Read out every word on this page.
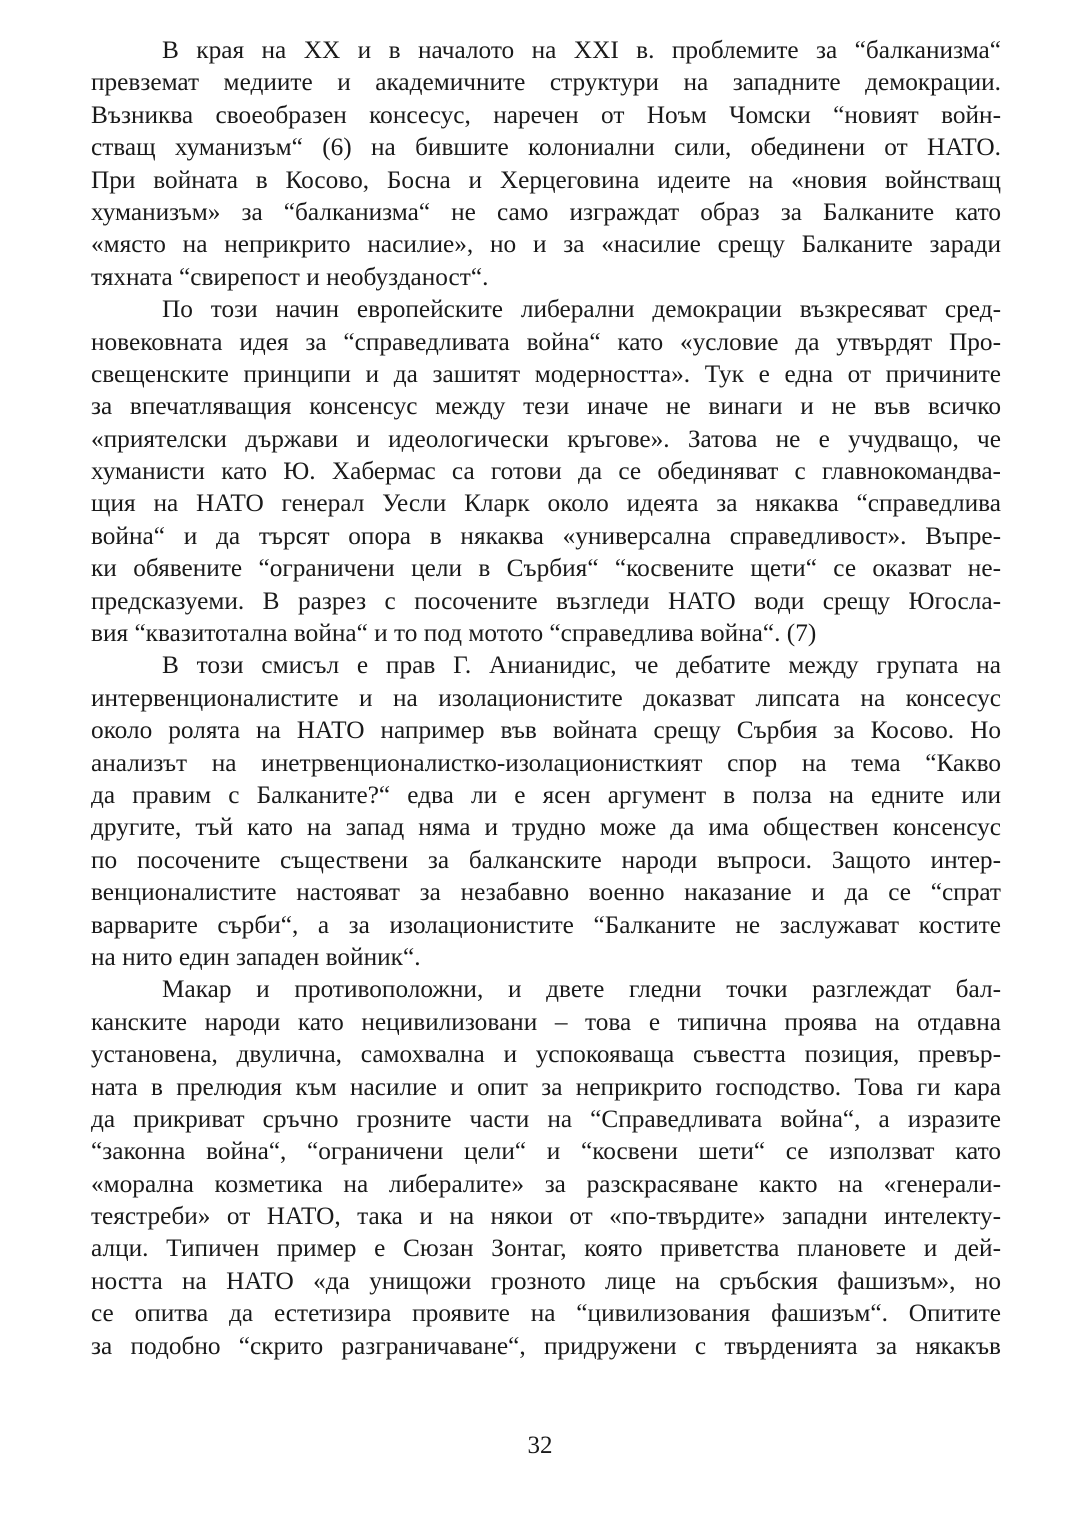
В края на ХХ и в началото на ХХІ в. проблемите за “балканизма“
превземат медиите и академичните структури на западните демокрации.
Възниква своеобразен консесус, наречен от Ноъм Чомски “новият войн-
стващ хуманизъм“ (6) на бившите колониални сили, обединени от НАТО.
При войната в Косово, Босна и Херцеговина идеите на «новия войнстващ
хуманизъм» за “балканизма“ не само изграждат образ за Балканите като
«място на неприкрито насилие», но и за «насилие срещу Балканите заради
тяхната “свирепост и необузданост“.
По този начин европейските либерални демокрации възкресяват сред-
новековната идея за “справедливата война“ като «условие да утвърдят Про-
свещенските принципи и да зашитят модерността». Тук е една от причините
за впечатляващия консенсус между тези иначе не винаги и не във всичко
«приятелски държави и идеологически кръгове». Затова не е учудващо, че
хуманисти като Ю. Хабермас са готови да се обединяват с главнокомандва-
щия на НАТО генерал Уесли Кларк около идеята за някаква “справедлива
война“ и да търсят опора в някаква «универсална справедливост». Въпре-
ки обявените “ограничени цели в Сърбия“ “косвените щети“ се оказват не-
предсказуеми. В разрез с посочените възгледи НАТО води срещу Югосла-
вия “квазитотална война“ и то под мотото “справедлива война“. (7)
В този смисъл е прав Г. Анианидис, че дебатите между групата на
интервенционалистите и на изолационистите доказват липсата на консесус
около ролята на НАТО например във войната срещу Сърбия за Косово. Но
анализът на инетрвенционалистко-изолационисткият спор на тема “Какво
да правим с Балканите?“ едва ли е ясен аргумент в полза на едните или
другите, тъй като на запад няма и трудно може да има обществен консенсус
по посочените съществени за балканските народи въпроси. Защото интер-
венционалистите настояват за незабавно военно наказание и да се “спрат
варварите сърби“, а за изолационистите “Балканите не заслужават костите
на нито един западен войник“.
Макар и противоположни, и двете гледни точки разглеждат бал-
канските народи като нецивилизовани – това е типична проява на отдавна
установена, двулична, самохвална и успокояваща съвестта позиция, превър-
ната в прелюдия към насилие и опит за неприкрито господство. Това ги кара
да прикриват сръчно грозните части на “Справедливата война“, а изразите
“законна война“, “ограничени цели“ и “косвени шети“ се използват като
«морална козметика на либералите» за разскрасяване както на «генерали-
теястреби» от НАТО, така и на някои от «по-твърдите» западни интелекту-
алци. Типичен пример е Сюзан Зонтаг, която приветства плановете и дей-
ността на НАТО «да унищожи грозното лице на сръбския фашизъм», но
се опитва да естетизира проявите на “цивилизования фашизъм“. Опитите
за подобно “скрито разграничаване“, придружени с твърденията за някакъв
32
